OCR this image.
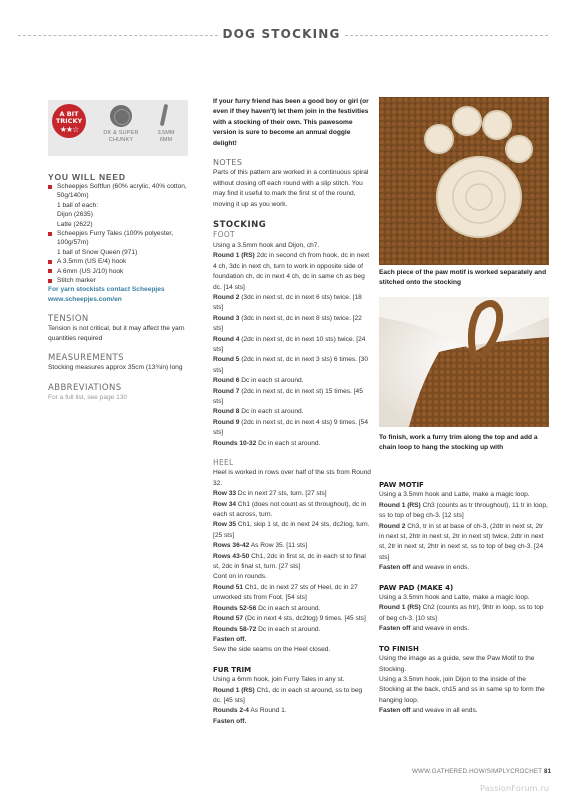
DOG STOCKING
A BIT
TRICKY
★★☆	DK & SUPER
CHUNKY
3.5MM
6MM
YOU WILL NEED
Scheepjes Softfun (60% acrylic, 40% cotton, 50g/140m)
1 ball of each:
Dijon (2635)
Latte (2622)
Scheepjes Furry Tales (100% polyester, 100g/57m)
1 ball of Snow Queen (971)
A 3.5mm (US E/4) hook
A 6mm (US J/10) hook
Stitch marker
For yarn stockists contact Scheepjes
www.scheepjes.com/en
TENSION
Tension is not critical, but it may affect the yarn quantities required
MEASUREMENTS
Stocking measures approx 35cm (13¾in) long
ABBREVIATIONS
For a full list, see page 130
If your furry friend has been a good boy or girl (or even if they haven't) let them join in the festivities with a stocking of their own. This pawesome version is sure to become an annual doggie delight!
NOTES
Parts of this pattern are worked in a continuous spiral without closing off each round with a slip stitch. You may find it useful to mark the first st of the round, moving it up as you work.
STOCKING
FOOT
Using a 3.5mm hook and Dijon, ch7.
Round 1 (RS) 2dc in second ch from hook, dc in next 4 ch, 3dc in next ch, turn to work in opposite side of foundation ch, dc in next 4 ch, dc in same ch as beg dc. [14 sts]
Round 2 (3dc in next st, dc in next 6 sts) twice. [18 sts]
Round 3 (3dc in next st, dc in next 8 sts) twice. [22 sts]
Round 4 (2dc in next st, dc in next 10 sts) twice. [24 sts]
Round 5 (2dc in next st, dc in next 3 sts) 6 times. [30 sts]
Round 6 Dc in each st around.
Round 7 (2dc in next st, dc in next st) 15 times. [45 sts]
Round 8 Dc in each st around.
Round 9 (2dc in next st, dc in next 4 sts) 9 times. [54 sts]
Rounds 10-32 Dc in each st around.
HEEL
Heel is worked in rows over half of the sts from Round 32.
Row 33 Dc in next 27 sts, turn. [27 sts]
Row 34 Ch1 (does not count as st throughout), dc in each st across, turn.
Row 35 Ch1, skip 1 st, dc in next 24 sts, dc2tog, turn. [25 sts]
Rows 36-42 As Row 35. [11 sts]
Rows 43-50 Ch1, 2dc in first st, dc in each st to final st, 2dc in final st, turn. [27 sts]
Cont on in rounds.
Round 51 Ch1, dc in next 27 sts of Heel, dc in 27 unworked sts from Foot. [54 sts]
Rounds 52-56 Dc in each st around.
Round 57 (Dc in next 4 sts, dc2tog) 9 times. [45 sts]
Rounds 58-72 Dc in each st around.
Fasten off.
Sew the side seams on the Heel closed.
FUR TRIM
Using a 6mm hook, join Furry Tales in any st.
Round 1 (RS) Ch1, dc in each st around, ss to beg dc. [45 sts]
Rounds 2-4 As Round 1.
Fasten off.
Each piece of the paw motif is worked separately and stitched onto the stocking
To finish, work a furry trim along the top and add a chain loop to hang the stocking up with
PAW MOTIF
Using a 3.5mm hook and Latte, make a magic loop.
Round 1 (RS) Ch3 (counts as tr throughout), 11 tr in loop, ss to top of beg ch-3. [12 sts]
Round 2 Ch3, tr in st at base of ch-3, (2dtr in next st, 2tr in next st, 2htr in next st, 2tr in next st) twice, 2dtr in next st, 2tr in next st, 2htr in next st, ss to top of beg ch-3. [24 sts]
Fasten off and weave in ends.
PAW PAD (MAKE 4)
Using a 3.5mm hook and Latte, make a magic loop.
Round 1 (RS) Ch2 (counts as htr), 9htr in loop, ss to top of beg ch-3. [10 sts]
Fasten off and weave in ends.
TO FINISH
Using the image as a guide, sew the Paw Motif to the Stocking.
Using a 3.5mm hook, join Dijon to the inside of the Stocking at the back, ch15 and ss in same sp to form the hanging loop.
Fasten off and weave in all ends.
WWW.GATHERED.HOW/SIMPLYCROCHET 81
PassionForum.ru
